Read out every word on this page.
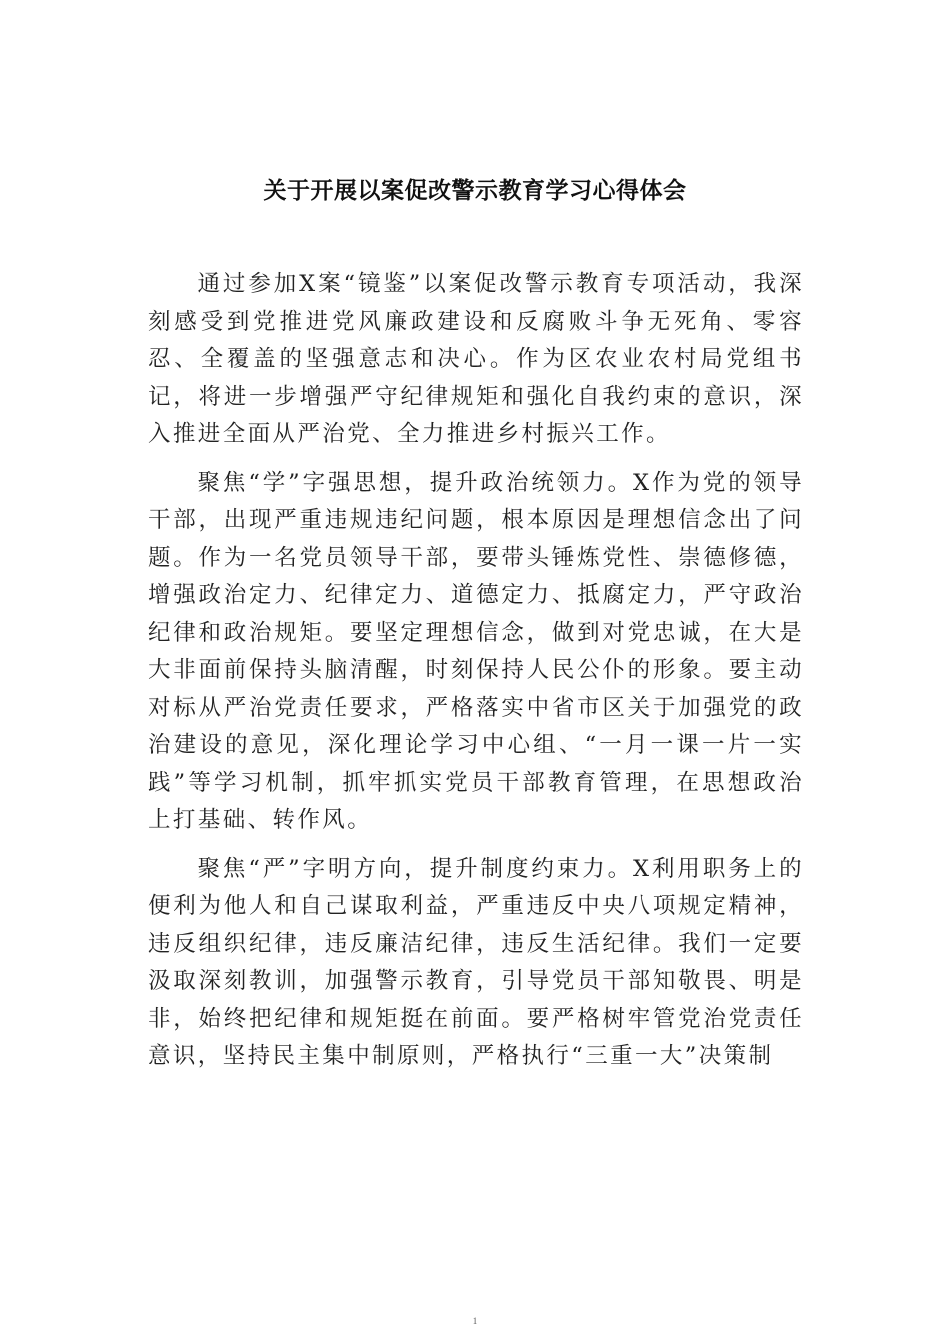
关于开展以案促改警示教育学习心得体会

通过参加X案“镜鉴”以案促改警示教育专项活动，我深刻感受到党推进党风廉政建设和反腐败斗争无死角、零容忍、全覆盖的坚强意志和决心。作为区农业农村局党组书记，将进一步增强严守纪律规矩和强化自我约束的意识，深入推进全面从严治党、全力推进乡村振兴工作。

聚焦“学”字强思想，提升政治统领力。X作为党的领导干部，出现严重违规违纪问题，根本原因是理想信念出了问题。作为一名党员领导干部，要带头锤炼党性、崇德修德，增强政治定力、纪律定力、道德定力、抵腐定力，严守政治纪律和政治规矩。要坚定理想信念，做到对党忠诚，在大是大非面前保持头脑清醒，时刻保持人民公仆的形象。要主动对标从严治党责任要求，严格落实中省市区关于加强党的政治建设的意见，深化理论学习中心组、“一月一课一片一实践”等学习机制，抓牢抓实党员干部教育管理，在思想政治上打基础、转作风。

聚焦“严”字明方向，提升制度约束力。X利用职务上的便利为他人和自己谋取利益，严重违反中央八项规定精神，违反组织纪律，违反廉洁纪律，违反生活纪律。我们一定要汲取深刻教训，加强警示教育，引导党员干部知敬畏、明是非，始终把纪律和规矩挺在前面。要严格树牢管党治党责任意识，坚持民主集中制原则，严格执行“三重一大”决策制

1
